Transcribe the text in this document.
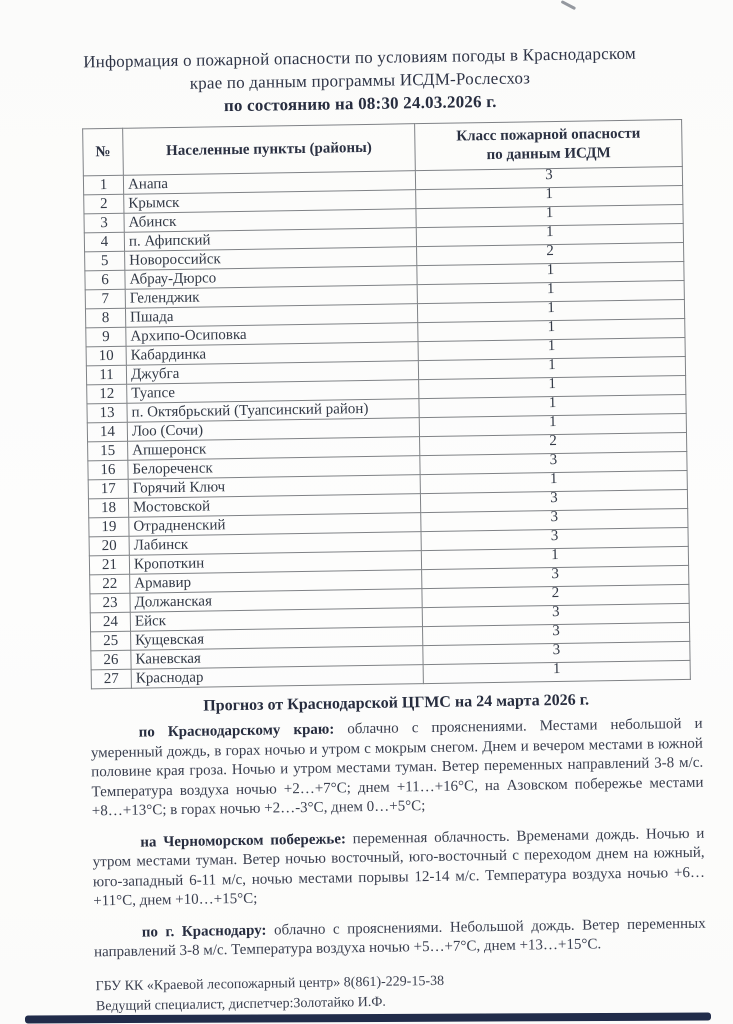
Информация о пожарной опасности по условиям погоды в Краснодарском
крае по данным программы ИСДМ-Рослесхоз
по состоянию на 08:30 24.03.2026 г.
№	Населенные пункты (районы)	Класс пожарной опасности
по данным ИСДМ

1	Анапа	3
2	Крымск	1
3	Абинск	1
4	п. Афипский	1
5	Новороссийск	2
6	Абрау-Дюрсо	1
7	Геленджик	1
8	Пшада	1
9	Архипо-Осиповка	1
10	Кабардинка	1
11	Джубга	1
12	Туапсе	1
13	п. Октябрьский (Туапсинский район)	1
14	Лоо (Сочи)	1
15	Апшеронск	2
16	Белореченск	3
17	Горячий Ключ	1
18	Мостовской	3
19	Отрадненский	3
20	Лабинск	3
21	Кропоткин	1
22	Армавир	3
23	Должанская	2
24	Ейск	3
25	Кущевская	3
26	Каневская	3
27	Краснодар	1
Прогноз от Краснодарской ЦГМС на 24 марта 2026 г.

по Краснодарскому краю: облачно с прояснениями. Местами небольшой и умеренный дождь, в горах ночью и утром с мокрым снегом. Днем и вечером местами в южной половине края гроза. Ночью и утром местами туман. Ветер переменных направлений 3-8 м/с. Температура воздуха ночью +2…+7°С; днем +11…+16°С, на Азовском побережье местами +8…+13°С; в горах ночью +2…-3°С, днем 0…+5°С;

на Черноморском побережье: переменная облачность. Временами дождь. Ночью и утром местами туман. Ветер ночью восточный, юго-восточный с переходом днем на южный, юго-западный 6-11 м/с, ночью местами порывы 12-14 м/с. Температура воздуха ночью +6…+11°С, днем +10…+15°С;

по г. Краснодару: облачно с прояснениями. Небольшой дождь. Ветер переменных направлений 3-8 м/с. Температура воздуха ночью +5…+7°С, днем +13…+15°С.

ГБУ КК «Краевой лесопожарный центр» 8(861)-229-15-38
Ведущий специалист, диспетчер:Золотайко И.Ф.
